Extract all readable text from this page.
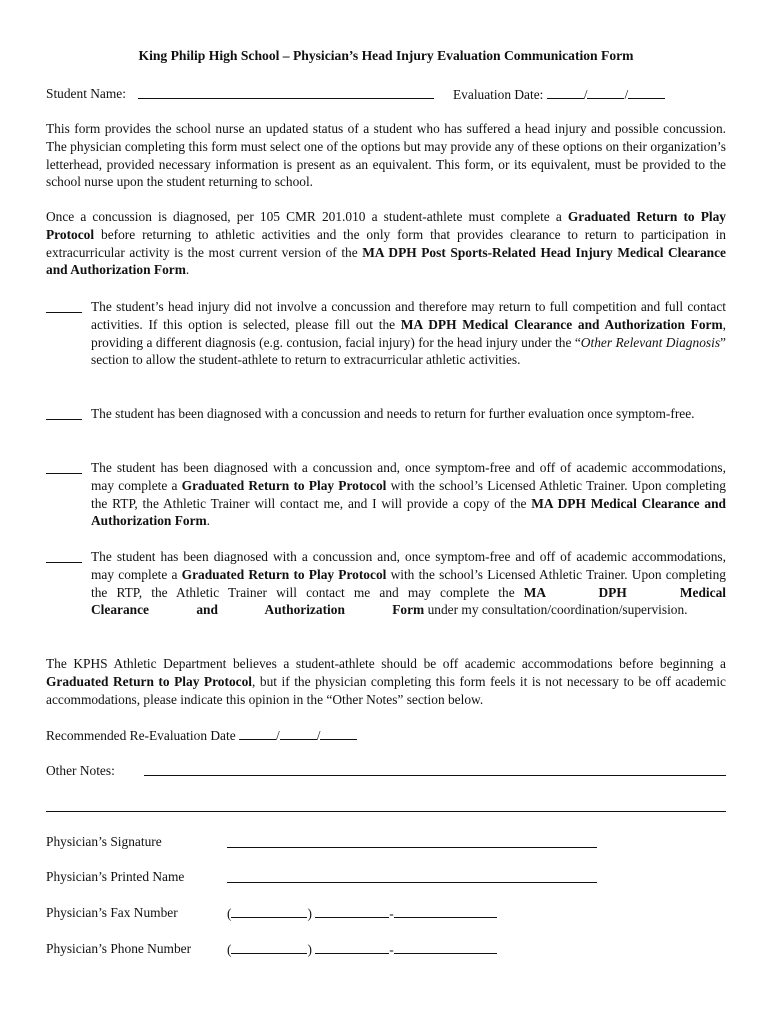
King Philip High School – Physician’s Head Injury Evaluation Communication Form
Student Name:	Evaluation Date:	/	/
This form provides the school nurse an updated status of a student who has suffered a head injury and possible concussion. The physician completing this form must select one of the options but may provide any of these options on their organization’s letterhead, provided necessary information is present as an equivalent. This form, or its equivalent, must be provided to the school nurse upon the student returning to school.
Once a concussion is diagnosed, per 105 CMR 201.010 a student-athlete must complete a Graduated Return to Play Protocol before returning to athletic activities and the only form that provides clearance to return to participation in extracurricular activity is the most current version of the MA DPH Post Sports-Related Head Injury Medical Clearance and Authorization Form.
The student’s head injury did not involve a concussion and therefore may return to full competition and full contact activities. If this option is selected, please fill out the MA DPH Medical Clearance and Authorization Form, providing a different diagnosis (e.g. contusion, facial injury) for the head injury under the “Other Relevant Diagnosis” section to allow the student-athlete to return to extracurricular athletic activities.
The student has been diagnosed with a concussion and needs to return for further evaluation once symptom-free.
The student has been diagnosed with a concussion and, once symptom-free and off of academic accommodations, may complete a Graduated Return to Play Protocol with the school’s Licensed Athletic Trainer. Upon completing the RTP, the Athletic Trainer will contact me, and I will provide a copy of the MA DPH Medical Clearance and Authorization Form.
The student has been diagnosed with a concussion and, once symptom-free and off of academic accommodations, may complete a Graduated Return to Play Protocol with the school’s Licensed Athletic Trainer. Upon completing the RTP, the Athletic Trainer will contact me and may complete the MA DPH Medical Clearance and Authorization Form under my consultation/coordination/supervision.
The KPHS Athletic Department believes a student-athlete should be off academic accommodations before beginning a Graduated Return to Play Protocol, but if the physician completing this form feels it is not necessary to be off academic accommodations, please indicate this opinion in the “Other Notes” section below.
Recommended Re-Evaluation Date	/	/
Other Notes:
Physician’s Signature
Physician’s Printed Name
Physician’s Fax Number	(	)	-
Physician’s Phone Number	(	)	-
